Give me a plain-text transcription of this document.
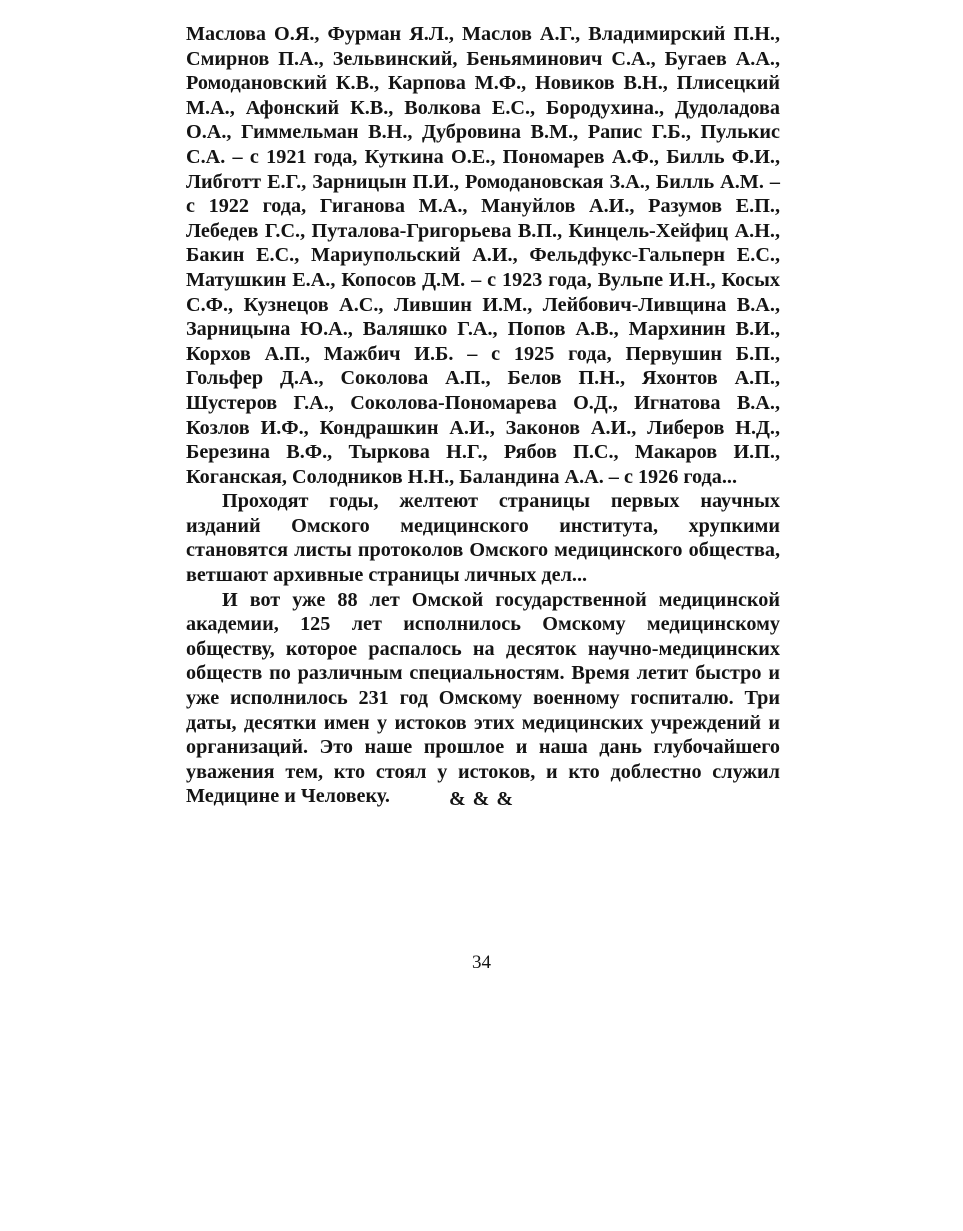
Маслова О.Я., Фурман Я.Л., Маслов А.Г., Владимирский П.Н., Смирнов П.А., Зельвинский, Беньяминович С.А., Бугаев А.А., Ромодановский К.В., Карпова М.Ф., Новиков В.Н., Плисецкий М.А., Афонский К.В., Волкова Е.С., Бородухина., Дудоладова О.А., Гиммельман В.Н., Дубровина В.М., Рапис Г.Б., Пулькис С.А. – с 1921 года, Куткина О.Е., Пономарев А.Ф., Билль Ф.И., Либготт Е.Г., Зарницын П.И., Ромодановская З.А., Билль А.М. – с 1922 года, Гиганова М.А., Мануйлов А.И., Разумов Е.П., Лебедев Г.С., Путалова-Григорьева В.П., Кинцель-Хейфиц А.Н., Бакин Е.С., Мариупольский А.И., Фельдфукс-Гальперн Е.С., Матушкин Е.А., Копосов Д.М. – с 1923 года, Вульпе И.Н., Косых С.Ф., Кузнецов А.С., Лившин И.М., Лейбович-Ливщина В.А., Зарницына Ю.А., Валяшко Г.А., Попов А.В., Мархинин В.И., Корхов А.П., Мажбич И.Б. – с 1925 года, Первушин Б.П., Гольфер Д.А., Соколова А.П., Белов П.Н., Яхонтов А.П., Шустеров Г.А., Соколова-Пономарева О.Д., Игнатова В.А., Козлов И.Ф., Кондрашкин А.И., Законов А.И., Либеров Н.Д., Березина В.Ф., Тыркова Н.Г., Рябов П.С., Макаров И.П., Коганская, Солодников Н.Н., Баландина А.А. – с 1926 года...

Проходят годы, желтеют страницы первых научных изданий Омского медицинского института, хрупкими становятся листы протоколов Омского медицинского общества, ветшают архивные страницы личных дел...

И вот уже 88 лет Омской государственной медицинской академии, 125 лет исполнилось Омскому медицинскому обществу, которое распалось на десяток научно-медицинских обществ по различным специальностям. Время летит быстро и уже исполнилось 231 год Омскому военному госпиталю. Три даты, десятки имен у истоков этих медицинских учреждений и организаций. Это наше прошлое и наша дань глубочайшего уважения тем, кто стоял у истоков, и кто доблестно служил Медицине и Человеку.	& & &
34
